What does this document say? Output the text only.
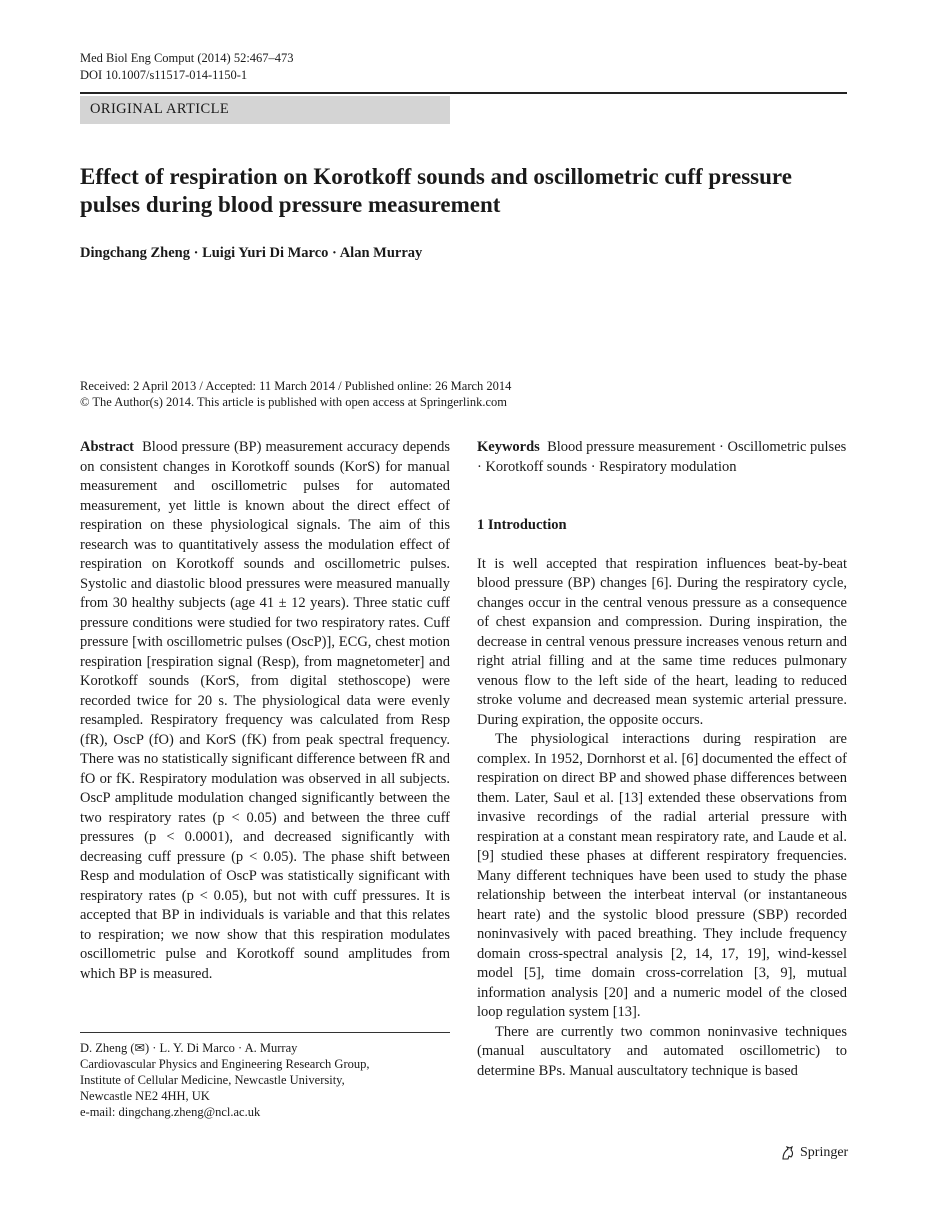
Med Biol Eng Comput (2014) 52:467–473
DOI 10.1007/s11517-014-1150-1
ORIGINAL ARTICLE
Effect of respiration on Korotkoff sounds and oscillometric cuff pressure pulses during blood pressure measurement

Dingchang Zheng · Luigi Yuri Di Marco · Alan Murray

Received: 2 April 2013 / Accepted: 11 March 2014 / Published online: 26 March 2014
© The Author(s) 2014. This article is published with open access at Springerlink.com

Abstract Blood pressure (BP) measurement accuracy depends on consistent changes in Korotkoff sounds (KorS) for manual measurement and oscillometric pulses for automated measurement, yet little is known about the direct effect of respiration on these physiological signals. The aim of this research was to quantitatively assess the modulation effect of respiration on Korotkoff sounds and oscillometric pulses. Systolic and diastolic blood pressures were measured manually from 30 healthy subjects (age 41 ± 12 years). Three static cuff pressure conditions were studied for two respiratory rates. Cuff pressure [with oscillometric pulses (OscP)], ECG, chest motion respiration [respiration signal (Resp), from magnetometer] and Korotkoff sounds (KorS, from digital stethoscope) were recorded twice for 20 s. The physiological data were evenly resampled. Respiratory frequency was calculated from Resp (fR), OscP (fO) and KorS (fK) from peak spectral frequency. There was no statistically significant difference between fR and fO or fK. Respiratory modulation was observed in all subjects. OscP amplitude modulation changed significantly between the two respiratory rates (p < 0.05) and between the three cuff pressures (p < 0.0001), and decreased significantly with decreasing cuff pressure (p < 0.05). The phase shift between Resp and modulation of OscP was statistically significant with respiratory rates (p < 0.05), but not with cuff pressures. It is accepted that BP in individuals is variable and that this relates to respiration; we now show that this respiration modulates oscillometric pulse and Korotkoff sound amplitudes from which BP is measured.

D. Zheng (✉) · L. Y. Di Marco · A. Murray
Cardiovascular Physics and Engineering Research Group,
Institute of Cellular Medicine, Newcastle University,
Newcastle NE2 4HH, UK
e-mail: dingchang.zheng@ncl.ac.uk

Keywords Blood pressure measurement · Oscillometric pulses · Korotkoff sounds · Respiratory modulation

1 Introduction

It is well accepted that respiration influences beat-by-beat blood pressure (BP) changes [6]. During the respiratory cycle, changes occur in the central venous pressure as a consequence of chest expansion and compression. During inspiration, the decrease in central venous pressure increases venous return and right atrial filling and at the same time reduces pulmonary venous flow to the left side of the heart, leading to reduced stroke volume and decreased mean systemic arterial pressure. During expiration, the opposite occurs.

The physiological interactions during respiration are complex. In 1952, Dornhorst et al. [6] documented the effect of respiration on direct BP and showed phase differences between them. Later, Saul et al. [13] extended these observations from invasive recordings of the radial arterial pressure with respiration at a constant mean respiratory rate, and Laude et al. [9] studied these phases at different respiratory frequencies. Many different techniques have been used to study the phase relationship between the interbeat interval (or instantaneous heart rate) and the systolic blood pressure (SBP) recorded noninvasively with paced breathing. They include frequency domain cross-spectral analysis [2, 14, 17, 19], wind-kessel model [5], time domain cross-correlation [3, 9], mutual information analysis [20] and a numeric model of the closed loop regulation system [13].

There are currently two common noninvasive techniques (manual auscultatory and automated oscillometric) to determine BPs. Manual auscultatory technique is based

Springer
